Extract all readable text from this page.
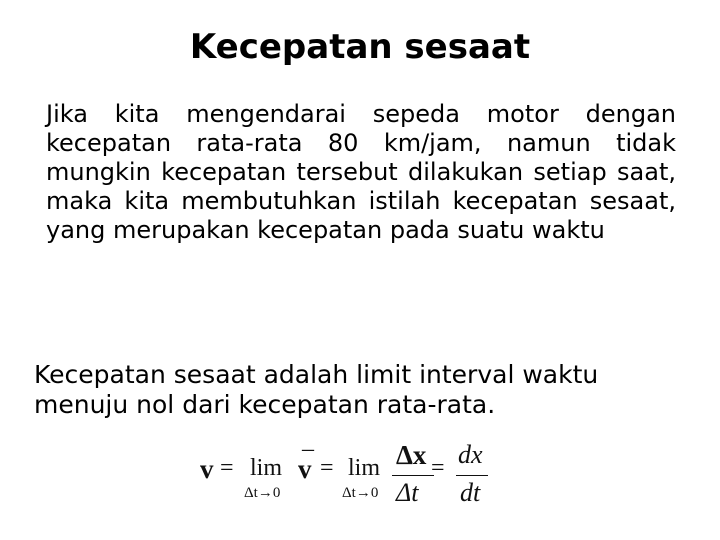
Kecepatan sesaat
Jika kita mengendarai sepeda motor dengan kecepatan rata-rata 80 km/jam, namun tidak mungkin kecepatan tersebut dilakukan setiap saat, maka kita membutuhkan istilah kecepatan sesaat, yang merupakan kecepatan pada suatu waktu
Kecepatan sesaat adalah limit interval waktu menuju nol dari kecepatan rata-rata.
v = lim
Δt→0
–
v = lim
Δt→0
Δx
Δt
= dx
dt
